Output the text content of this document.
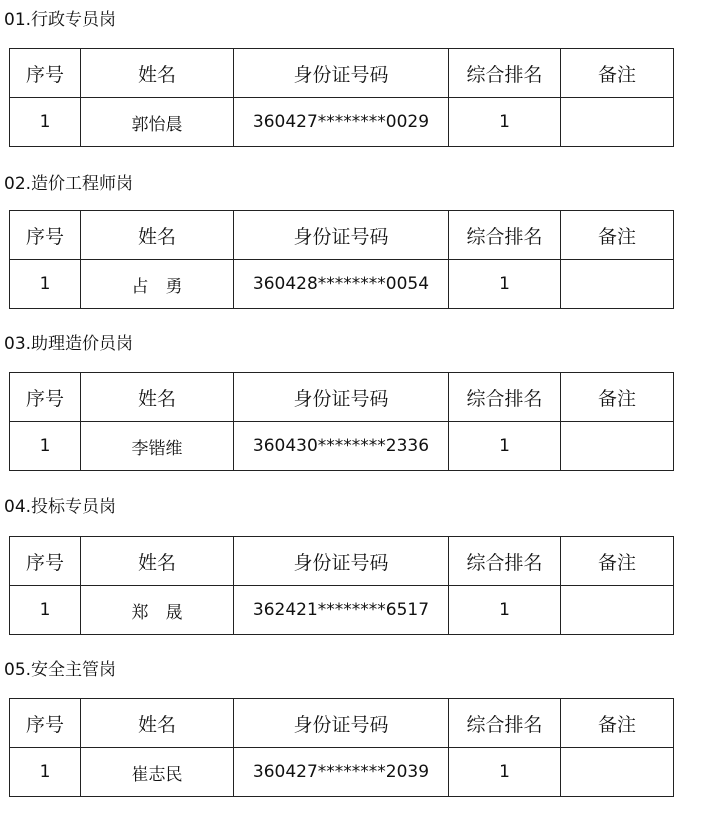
01.行政专员岗
序号	姓名	身份证号码	综合排名	备注
1	郭怡晨	360427********0029	1	
02.造价工程师岗
序号	姓名	身份证号码	综合排名	备注
1	占　勇	360428********0054	1	
03.助理造价员岗
序号	姓名	身份证号码	综合排名	备注
1	李锴维	360430********2336	1	
04.投标专员岗
序号	姓名	身份证号码	综合排名	备注
1	郑　晟	362421********6517	1	
05.安全主管岗
序号	姓名	身份证号码	综合排名	备注
1	崔志民	360427********2039	1	
